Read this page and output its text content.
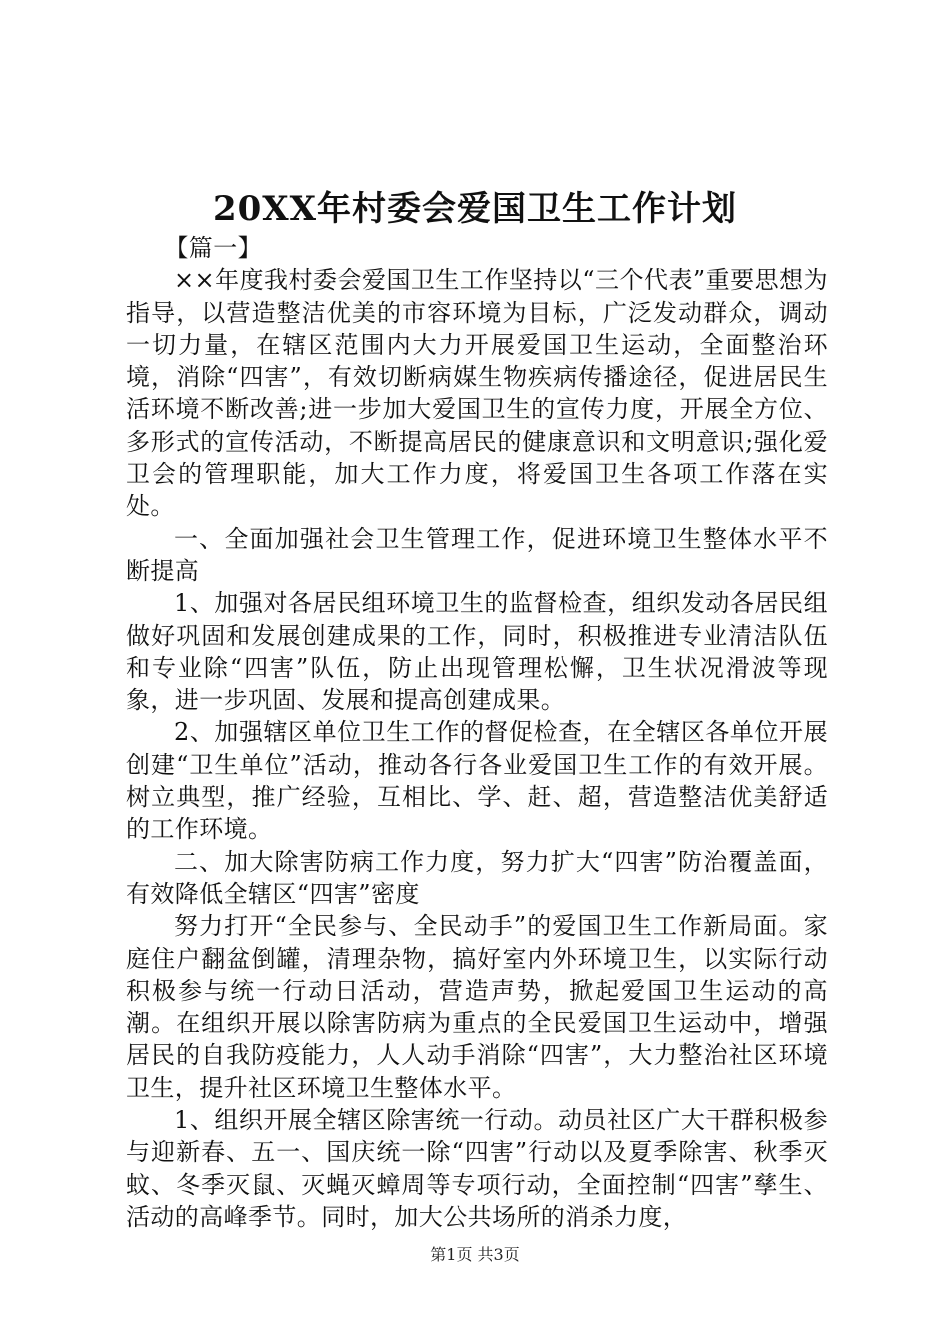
20XX年村委会爱国卫生工作计划

【篇一】

××年度我村委会爱国卫生工作坚持以“三个代表”重要思想为指导，以营造整洁优美的市容环境为目标，广泛发动群众，调动一切力量，在辖区范围内大力开展爱国卫生运动，全面整治环境，消除“四害”，有效切断病媒生物疾病传播途径，促进居民生活环境不断改善;进一步加大爱国卫生的宣传力度，开展全方位、多形式的宣传活动，不断提高居民的健康意识和文明意识;强化爱卫会的管理职能，加大工作力度，将爱国卫生各项工作落在实处。

一、全面加强社会卫生管理工作，促进环境卫生整体水平不断提高

1、加强对各居民组环境卫生的监督检查，组织发动各居民组做好巩固和发展创建成果的工作，同时，积极推进专业清洁队伍和专业除“四害”队伍，防止出现管理松懈，卫生状况滑波等现象，进一步巩固、发展和提高创建成果。

2、加强辖区单位卫生工作的督促检查，在全辖区各单位开展创建“卫生单位”活动，推动各行各业爱国卫生工作的有效开展。树立典型，推广经验，互相比、学、赶、超，营造整洁优美舒适的工作环境。

二、加大除害防病工作力度，努力扩大“四害”防治覆盖面，有效降低全辖区“四害”密度

努力打开“全民参与、全民动手”的爱国卫生工作新局面。家庭住户翻盆倒罐，清理杂物，搞好室内外环境卫生，以实际行动积极参与统一行动日活动，营造声势，掀起爱国卫生运动的高潮。在组织开展以除害防病为重点的全民爱国卫生运动中，增强居民的自我防疫能力，人人动手消除“四害”，大力整治社区环境卫生，提升社区环境卫生整体水平。

1、组织开展全辖区除害统一行动。动员社区广大干群积极参与迎新春、五一、国庆统一除“四害”行动以及夏季除害、秋季灭蚊、冬季灭鼠、灭蝇灭蟑周等专项行动，全面控制“四害”孳生、活动的高峰季节。同时，加大公共场所的消杀力度，

第1页 共3页
